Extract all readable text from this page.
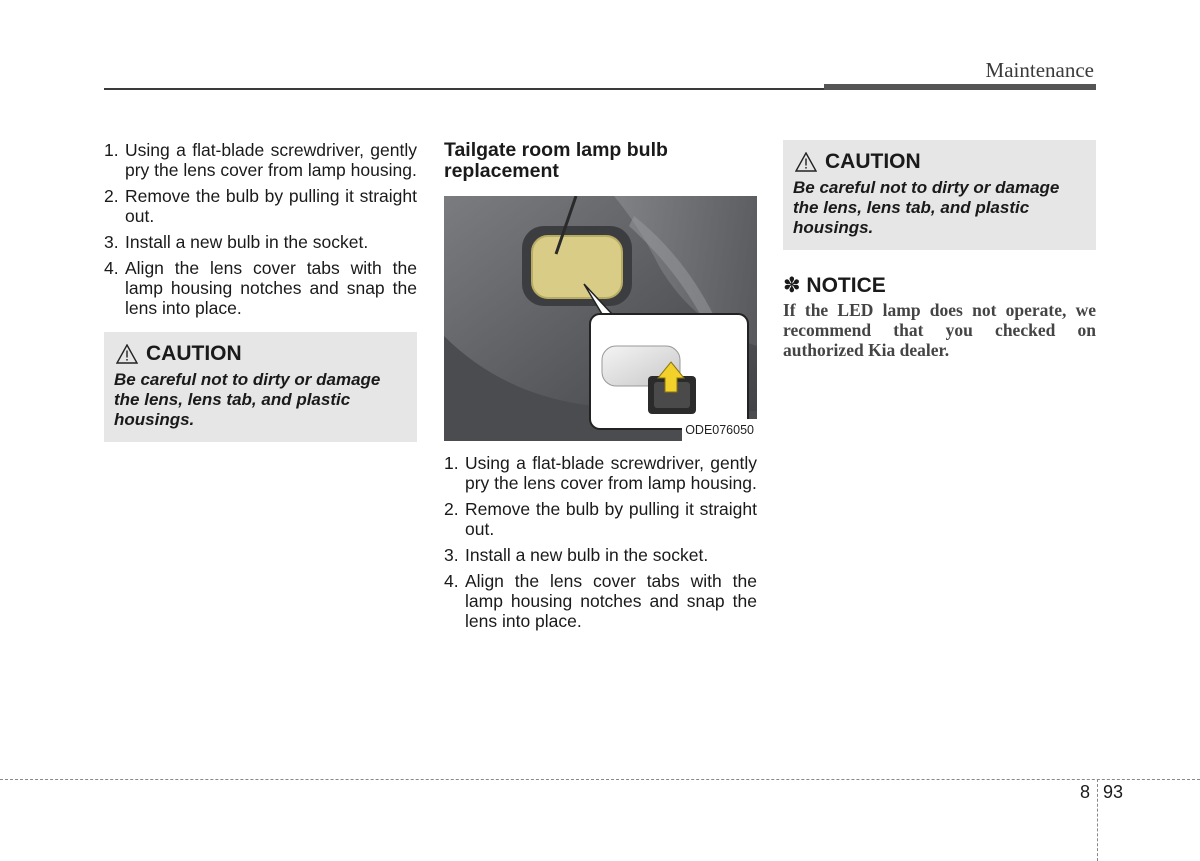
Maintenance
1. Using a flat-blade screwdriver, gently pry the lens cover from lamp housing.
2. Remove the bulb by pulling it straight out.
3. Install a new bulb in the socket.
4. Align the lens cover tabs with the lamp housing notches and snap the lens into place.
CAUTION
Be careful not to dirty or damage the lens, lens tab, and plastic housings.
Tailgate room lamp bulb replacement
ODE076050
1. Using a flat-blade screwdriver, gently pry the lens cover from lamp housing.
2. Remove the bulb by pulling it straight out.
3. Install a new bulb in the socket.
4. Align the lens cover tabs with the lamp housing notches and snap the lens into place.
CAUTION
Be careful not to dirty or damage the lens, lens tab, and plastic housings.
✽ NOTICE
If the LED lamp does not operate, we recommend that you checked on authorized Kia dealer.
8 93
